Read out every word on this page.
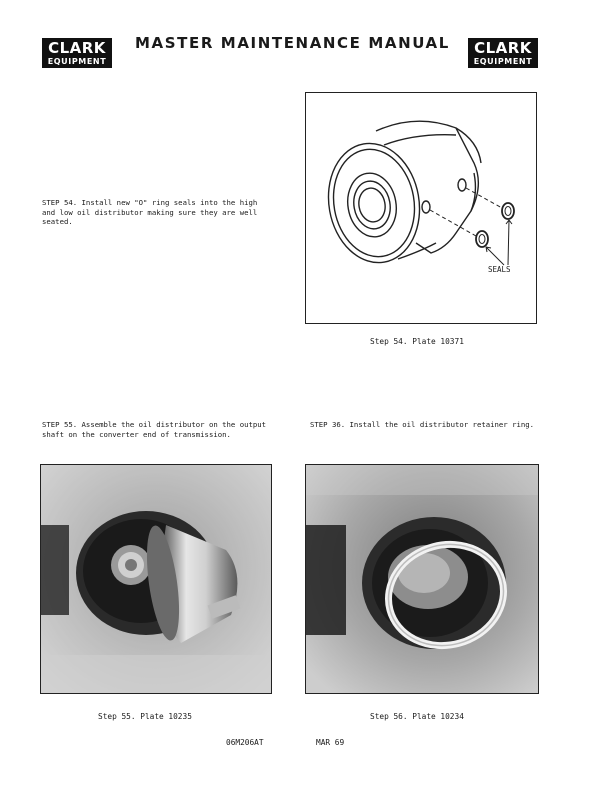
CLARK
EQUIPMENT
MASTER MAINTENANCE MANUAL	CLARK
EQUIPMENT
STEP 54. Install new "O" ring seals into the high and low oil distributor making sure they are well seated.
SEALS
Step 54. Plate 10371
STEP 55. Assemble the oil distributor on the output shaft on the converter end of transmission.
STEP 36. Install the oil distributor retainer ring.
Step 55. Plate 10235	Step 56. Plate 10234
06M206AT	MAR 69
